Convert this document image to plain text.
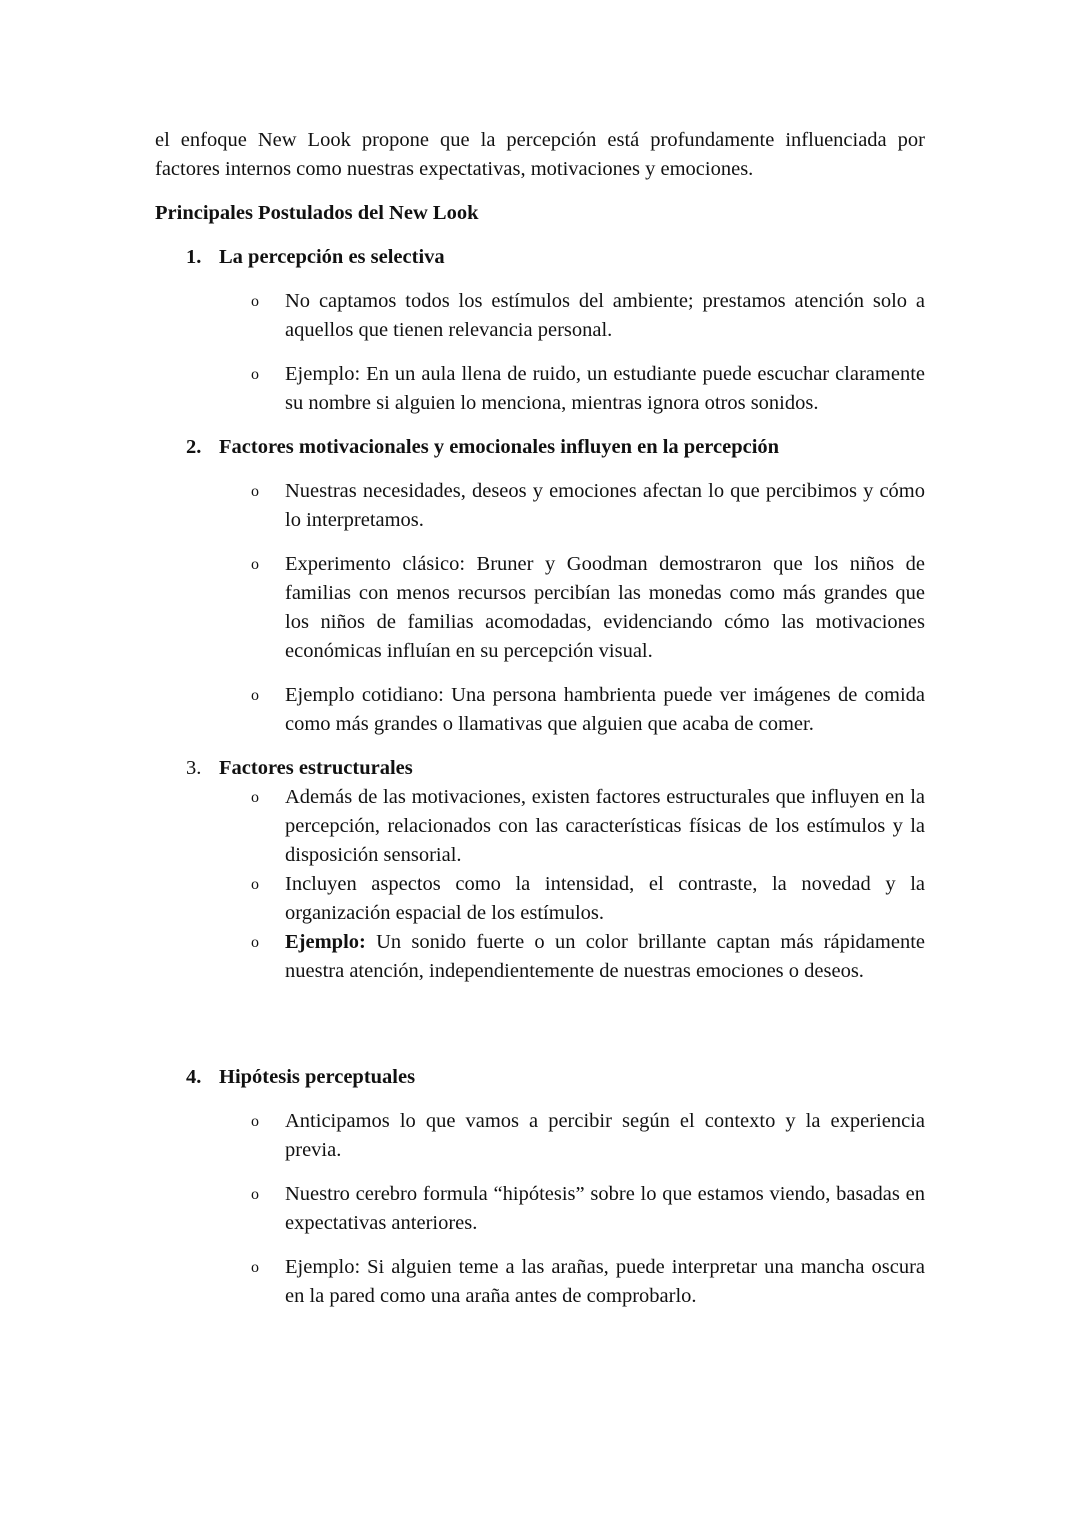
el enfoque New Look propone que la percepción está profundamente influenciada por factores internos como nuestras expectativas, motivaciones y emociones.

Principales Postulados del New Look
1. La percepción es selectiva
o No captamos todos los estímulos del ambiente; prestamos atención solo a aquellos que tienen relevancia personal.
o Ejemplo: En un aula llena de ruido, un estudiante puede escuchar claramente su nombre si alguien lo menciona, mientras ignora otros sonidos.
2. Factores motivacionales y emocionales influyen en la percepción
o Nuestras necesidades, deseos y emociones afectan lo que percibimos y cómo lo interpretamos.
o Experimento clásico: Bruner y Goodman demostraron que los niños de familias con menos recursos percibían las monedas como más grandes que los niños de familias acomodadas, evidenciando cómo las motivaciones económicas influían en su percepción visual.
o Ejemplo cotidiano: Una persona hambrienta puede ver imágenes de comida como más grandes o llamativas que alguien que acaba de comer.
3. Factores estructurales
o Además de las motivaciones, existen factores estructurales que influyen en la percepción, relacionados con las características físicas de los estímulos y la disposición sensorial.
o Incluyen aspectos como la intensidad, el contraste, la novedad y la organización espacial de los estímulos.
o Ejemplo: Un sonido fuerte o un color brillante captan más rápidamente nuestra atención, independientemente de nuestras emociones o deseos.
4. Hipótesis perceptuales
o Anticipamos lo que vamos a percibir según el contexto y la experiencia previa.
o Nuestro cerebro formula “hipótesis” sobre lo que estamos viendo, basadas en expectativas anteriores.
o Ejemplo: Si alguien teme a las arañas, puede interpretar una mancha oscura en la pared como una araña antes de comprobarlo.
